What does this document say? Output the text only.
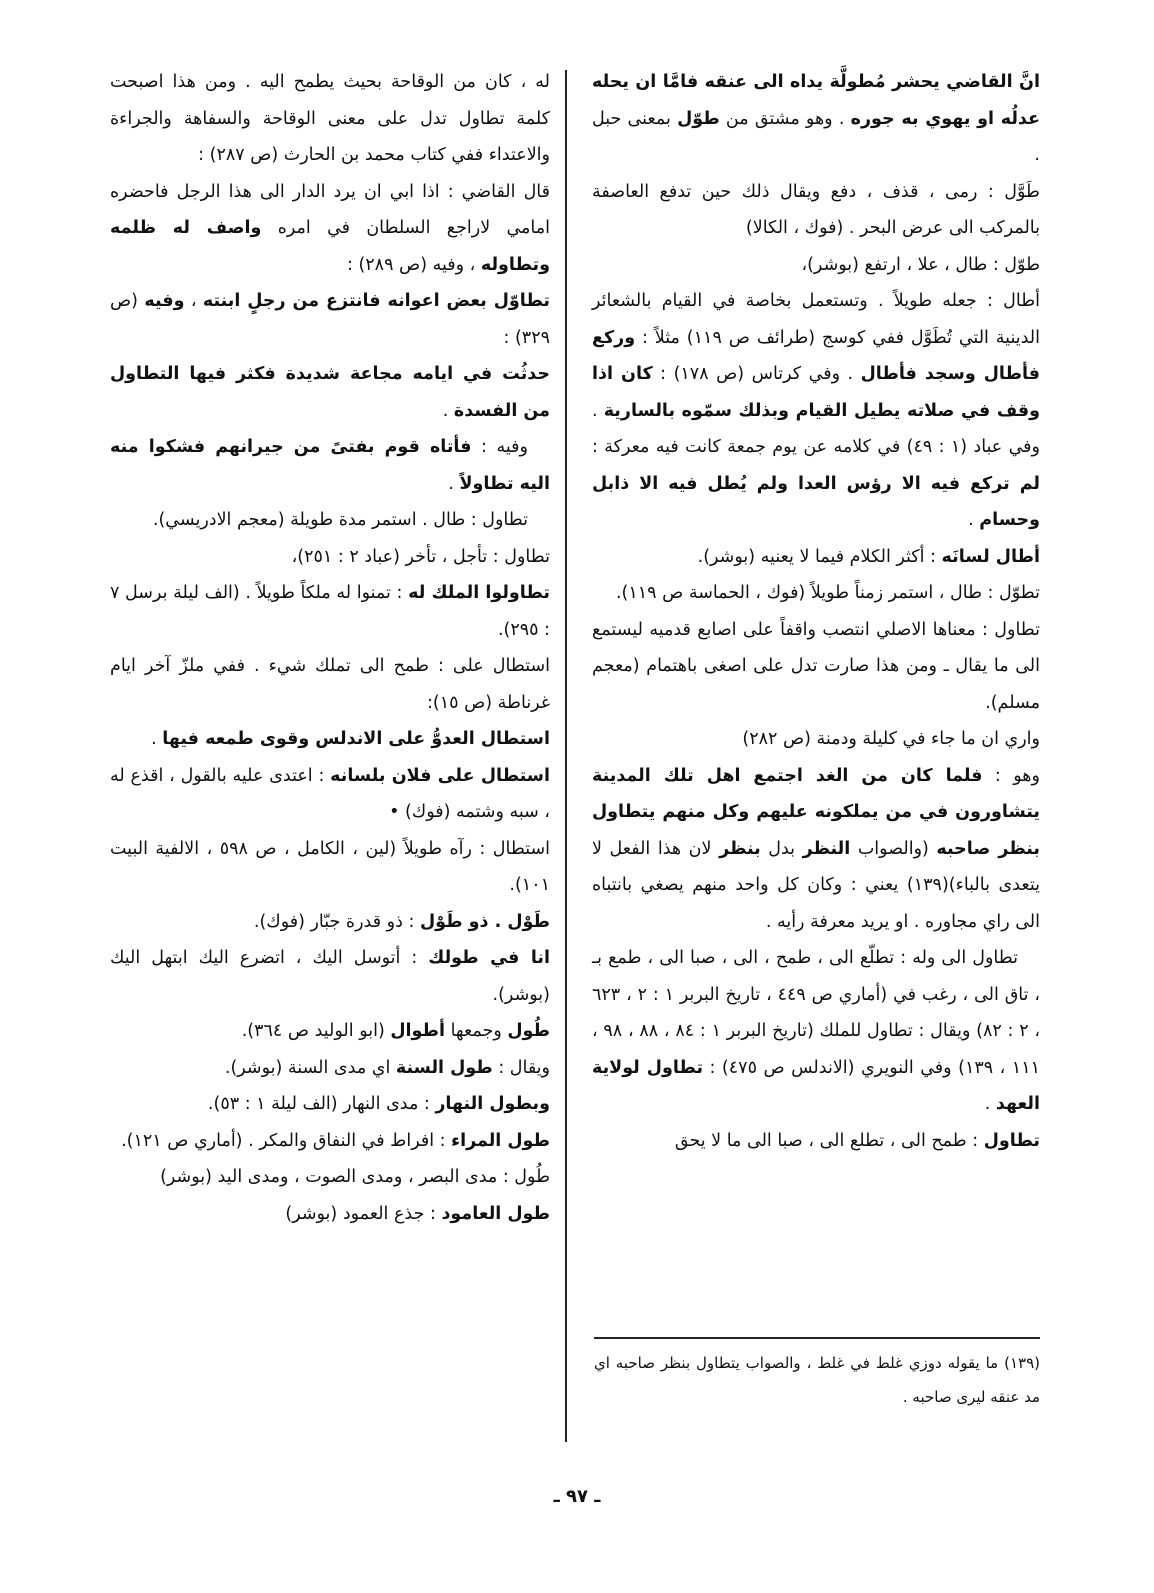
انَّ القاضي يحشر مُطولَّة يداه الى عنقه فامَّا ان يحله عدلُه او يهوي به جوره . وهو مشتق من طوّل بمعنى حبل .

طَوَّل : رمى ، قذف ، دفع ويقال ذلك حين تدفع العاصفة بالمركب الى عرض البحر . (فوك ، الكالا)

طوّل : طال ، علا ، ارتفع (بوشر)،

أطال : جعله طويلاً . وتستعمل بخاصة في القيام بالشعائر الدينية التي تُطَوَّل ففي كوسج (طرائف ص ١١٩) مثلاً : وركع فأطال وسجد فأطال . وفي كرتاس (ص ١٧٨) : كان اذا وقف في صلاته يطيل القيام وبذلك سمّوه بالسارية . وفي عباد (١ : ٤٩) في كلامه عن يوم جمعة كانت فيه معركة : لم تركع فيه الا رؤس العدا ولم يُطل فيه الا ذابل وحسام .

أطال لسانَه : أكثر الكلام فيما لا يعنيه (بوشر).

تطوّل : طال ، استمر زمناً طويلاً (فوك ، الحماسة ص ١١٩).

تطاول : معناها الاصلي انتصب واقفاً على اصابع قدميه ليستمع الى ما يقال ـ ومن هذا صارت تدل على اصغى باهتمام (معجم مسلم).

واري ان ما جاء في كليلة ودمنة (ص ٢٨٢)

وهو : فلما كان من الغد اجتمع اهل تلك المدينة يتشاورون في من يملكونه عليهم وكل منهم يتطاول بنظر صاحبه (والصواب النظر بدل بنظر لان هذا الفعل لا يتعدى بالباء)(١٣٩) يعني : وكان كل واحد منهم يصغي بانتباه الى راي مجاوره . او يريد معرفة رأيه .

تطاول الى وله : تطلّع الى ، طمح ، الى ، صبا الى ، طمع بـ ، تاق الى ، رغب في (أماري ص ٤٤٩ ، تاريخ البربر ١ : ٢ ، ٦٢٣ ، ٢ : ٨٢) ويقال : تطاول للملك (تاريخ البربر ١ : ٨٤ ، ٨٨ ، ٩٨ ، ١١١ ، ١٣٩) وفي النويري (الاندلس ص ٤٧٥) : تطاول لولاية العهد .

تطاول : طمح الى ، تطلع الى ، صبا الى ما لا يحق

له ، كان من الوقاحة بحيث يطمح اليه . ومن هذا اصبحت كلمة تطاول تدل على معنى الوقاحة والسفاهة والجراءة والاعتداء ففي كتاب محمد بن الحارث (ص ٢٨٧) :

قال القاضي : اذا ابي ان يرد الدار الى هذا الرجل فاحضره امامي لاراجع السلطان في امره واصف له ظلمه وتطاوله ، وفيه (ص ٢٨٩) :

تطاوّل بعض اعوانه فانتزع من رجلٍ ابنته ، وفيه (ص ٣٢٩) :

حدثُت في ايامه مجاعة شديدة فكثر فيها التطاول من الفسدة .

وفيه : فأتاه قوم بفتىً من جيرانهم فشكوا منه اليه تطاولاً .

تطاول : طال . استمر مدة طويلة (معجم الادريسي).

تطاول : تأجل ، تأخر (عباد ٢ : ٢٥١)،

تطاولوا الملك له : تمنوا له ملكاً طويلاً . (الف ليلة برسل ٧ : ٢٩٥).

استطال على : طمح الى تملك شيء . ففي ملزّ آخر ايام غرناطة (ص ١٥):

استطال العدوُّ على الاندلس وقوى طمعه فيها .

استطال على فلان بلسانه : اعتدى عليه بالقول ، اقذع له ، سبه وشتمه (فوك) •

استطال : رآه طويلاً (لين ، الكامل ، ص ٥٩٨ ، الالفية البيت ١٠١).

طَوْل . ذو طَوْل : ذو قدرة جبّار (فوك).

انا في طولك : أتوسل اليك ، اتضرع اليك ابتهل اليك (بوشر).

طُول وجمعها أطوال (ابو الوليد ص ٣٦٤).

ويقال : طول السنة اي مدى السنة (بوشر).

وبطول النهار : مدى النهار (الف ليلة ١ : ٥٣).

طول المراء : افراط في النفاق والمكر . (أماري ص ١٢١).

طُول : مدى البصر ، ومدى الصوت ، ومدى اليد (بوشر)

طول العامود : جذع العمود (بوشر)

(١٣٩) ما يقوله دوزي غلط في غلط ، والصواب يتطاول بنظر صاحبه اي مد عنقه ليرى صاحبه .

ـ ٩٧ ـ
